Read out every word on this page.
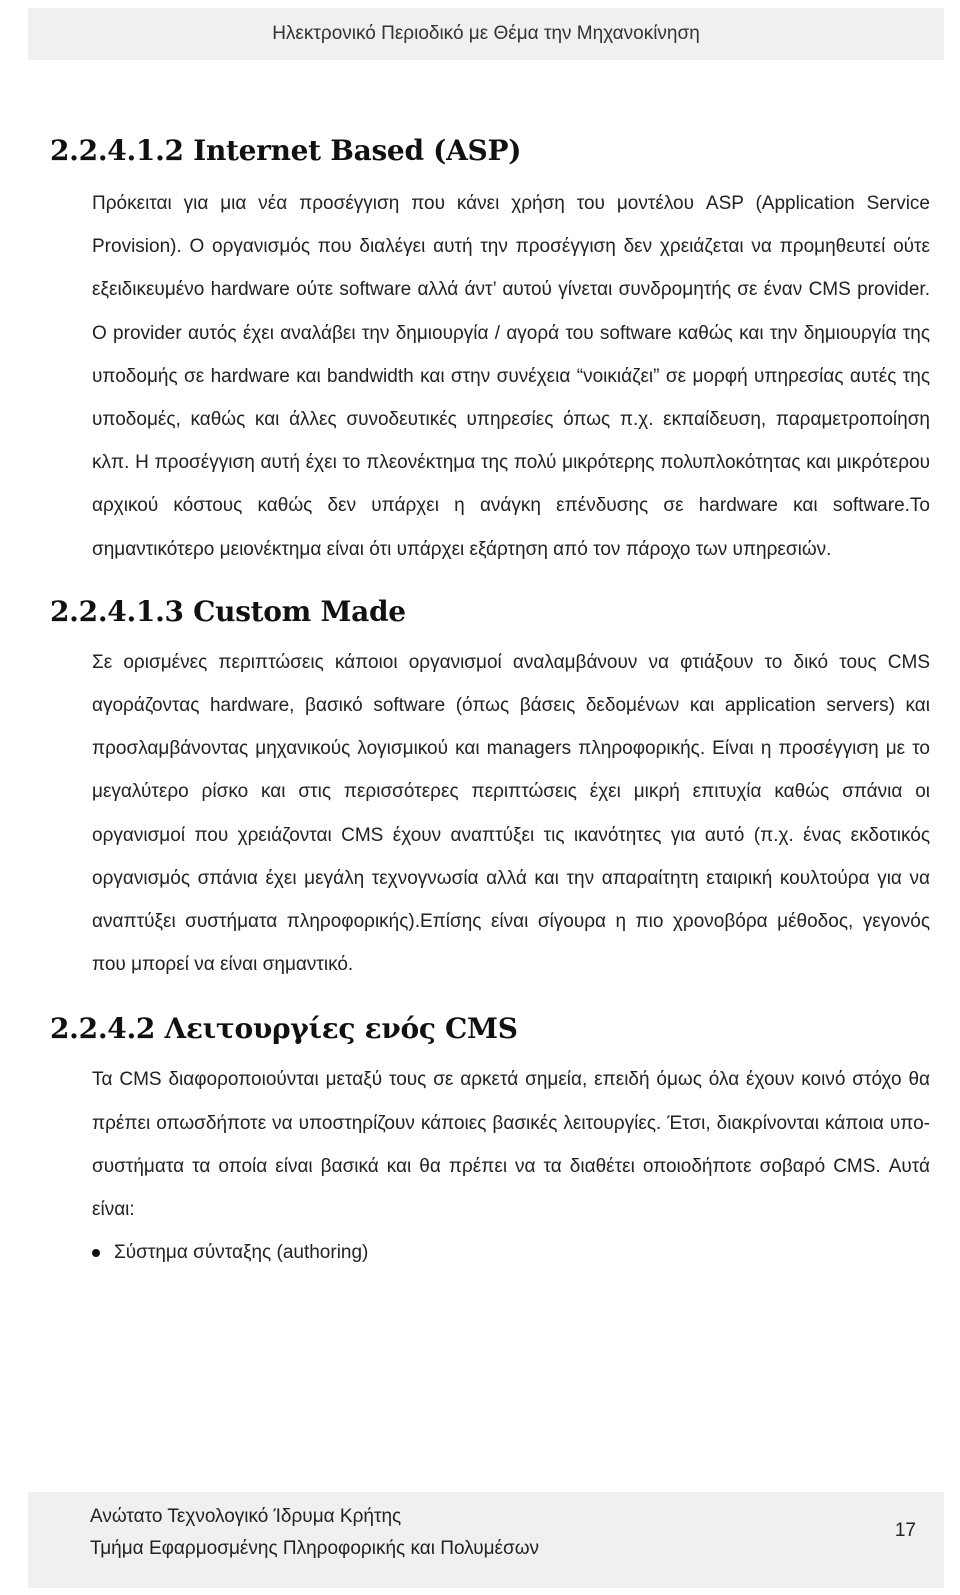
Ηλεκτρονικό Περιοδικό με Θέμα την Μηχανοκίνηση
2.2.4.1.2 Internet Based (ASP)

Πρόκειται για μια νέα προσέγγιση που κάνει χρήση του μοντέλου ASP (Application Service Provision). Ο οργανισμός που διαλέγει αυτή την προσέγγιση δεν χρειάζεται να προμηθευτεί ούτε εξειδικευμένο hardware ούτε software αλλά άντ’ αυτού γίνεται συνδρομητής σε έναν CMS provider. Ο provider αυτός έχει αναλάβει την δημιουργία / αγορά του software καθώς και την δημιουργία της υποδομής σε hardware και bandwidth και στην συνέχεια “νοικιάζει” σε μορφή υπηρεσίας αυτές της υποδομές, καθώς και άλλες συνοδευτικές υπηρεσίες όπως π.χ. εκπαίδευση, παραμετροποίηση κλπ. Η προσέγγιση αυτή έχει το πλεονέκτημα της πολύ μικρότερης πολυπλοκότητας και μικρότερου αρχικού κόστους καθώς δεν υπάρχει η ανάγκη επένδυσης σε hardware και software.Το σημαντικότερο μειονέκτημα είναι ότι υπάρχει εξάρτηση από τον πάροχο των υπηρεσιών.

2.2.4.1.3 Custom Made

Σε ορισμένες περιπτώσεις κάποιοι οργανισμοί αναλαμβάνουν να φτιάξουν το δικό τους CMS αγοράζοντας hardware, βασικό software (όπως βάσεις δεδομένων και application servers) και προσλαμβάνοντας μηχανικούς λογισμικού και managers πληροφορικής. Είναι η προσέγγιση με το μεγαλύτερο ρίσκο και στις περισσότερες περιπτώσεις έχει μικρή επιτυχία καθώς σπάνια οι οργανισμοί που χρειάζονται CMS έχουν αναπτύξει τις ικανότητες για αυτό (π.χ. ένας εκδοτικός οργανισμός σπάνια έχει μεγάλη τεχνογνωσία αλλά και την απαραίτητη εταιρική κουλτούρα για να αναπτύξει συστήματα πληροφορικής).Επίσης είναι σίγουρα η πιο χρονοβόρα μέθοδος, γεγονός που μπορεί να είναι σημαντικό.

2.2.4.2 Λειτουργίες ενός CMS

Τα CMS διαφοροποιούνται μεταξύ τους σε αρκετά σημεία, επειδή όμως όλα έχουν κοινό στόχο θα πρέπει οπωσδήποτε να υποστηρίζουν κάποιες βασικές λειτουργίες. Έτσι, διακρίνονται κάποια υπο-συστήματα τα οποία είναι βασικά και θα πρέπει να τα διαθέτει οποιοδήποτε σοβαρό CMS. Αυτά είναι:

Σύστημα σύνταξης (authoring)
Ανώτατο Τεχνολογικό Ίδρυμα Κρήτης
Τμήμα Εφαρμοσμένης Πληροφορικής και Πολυμέσων
17
